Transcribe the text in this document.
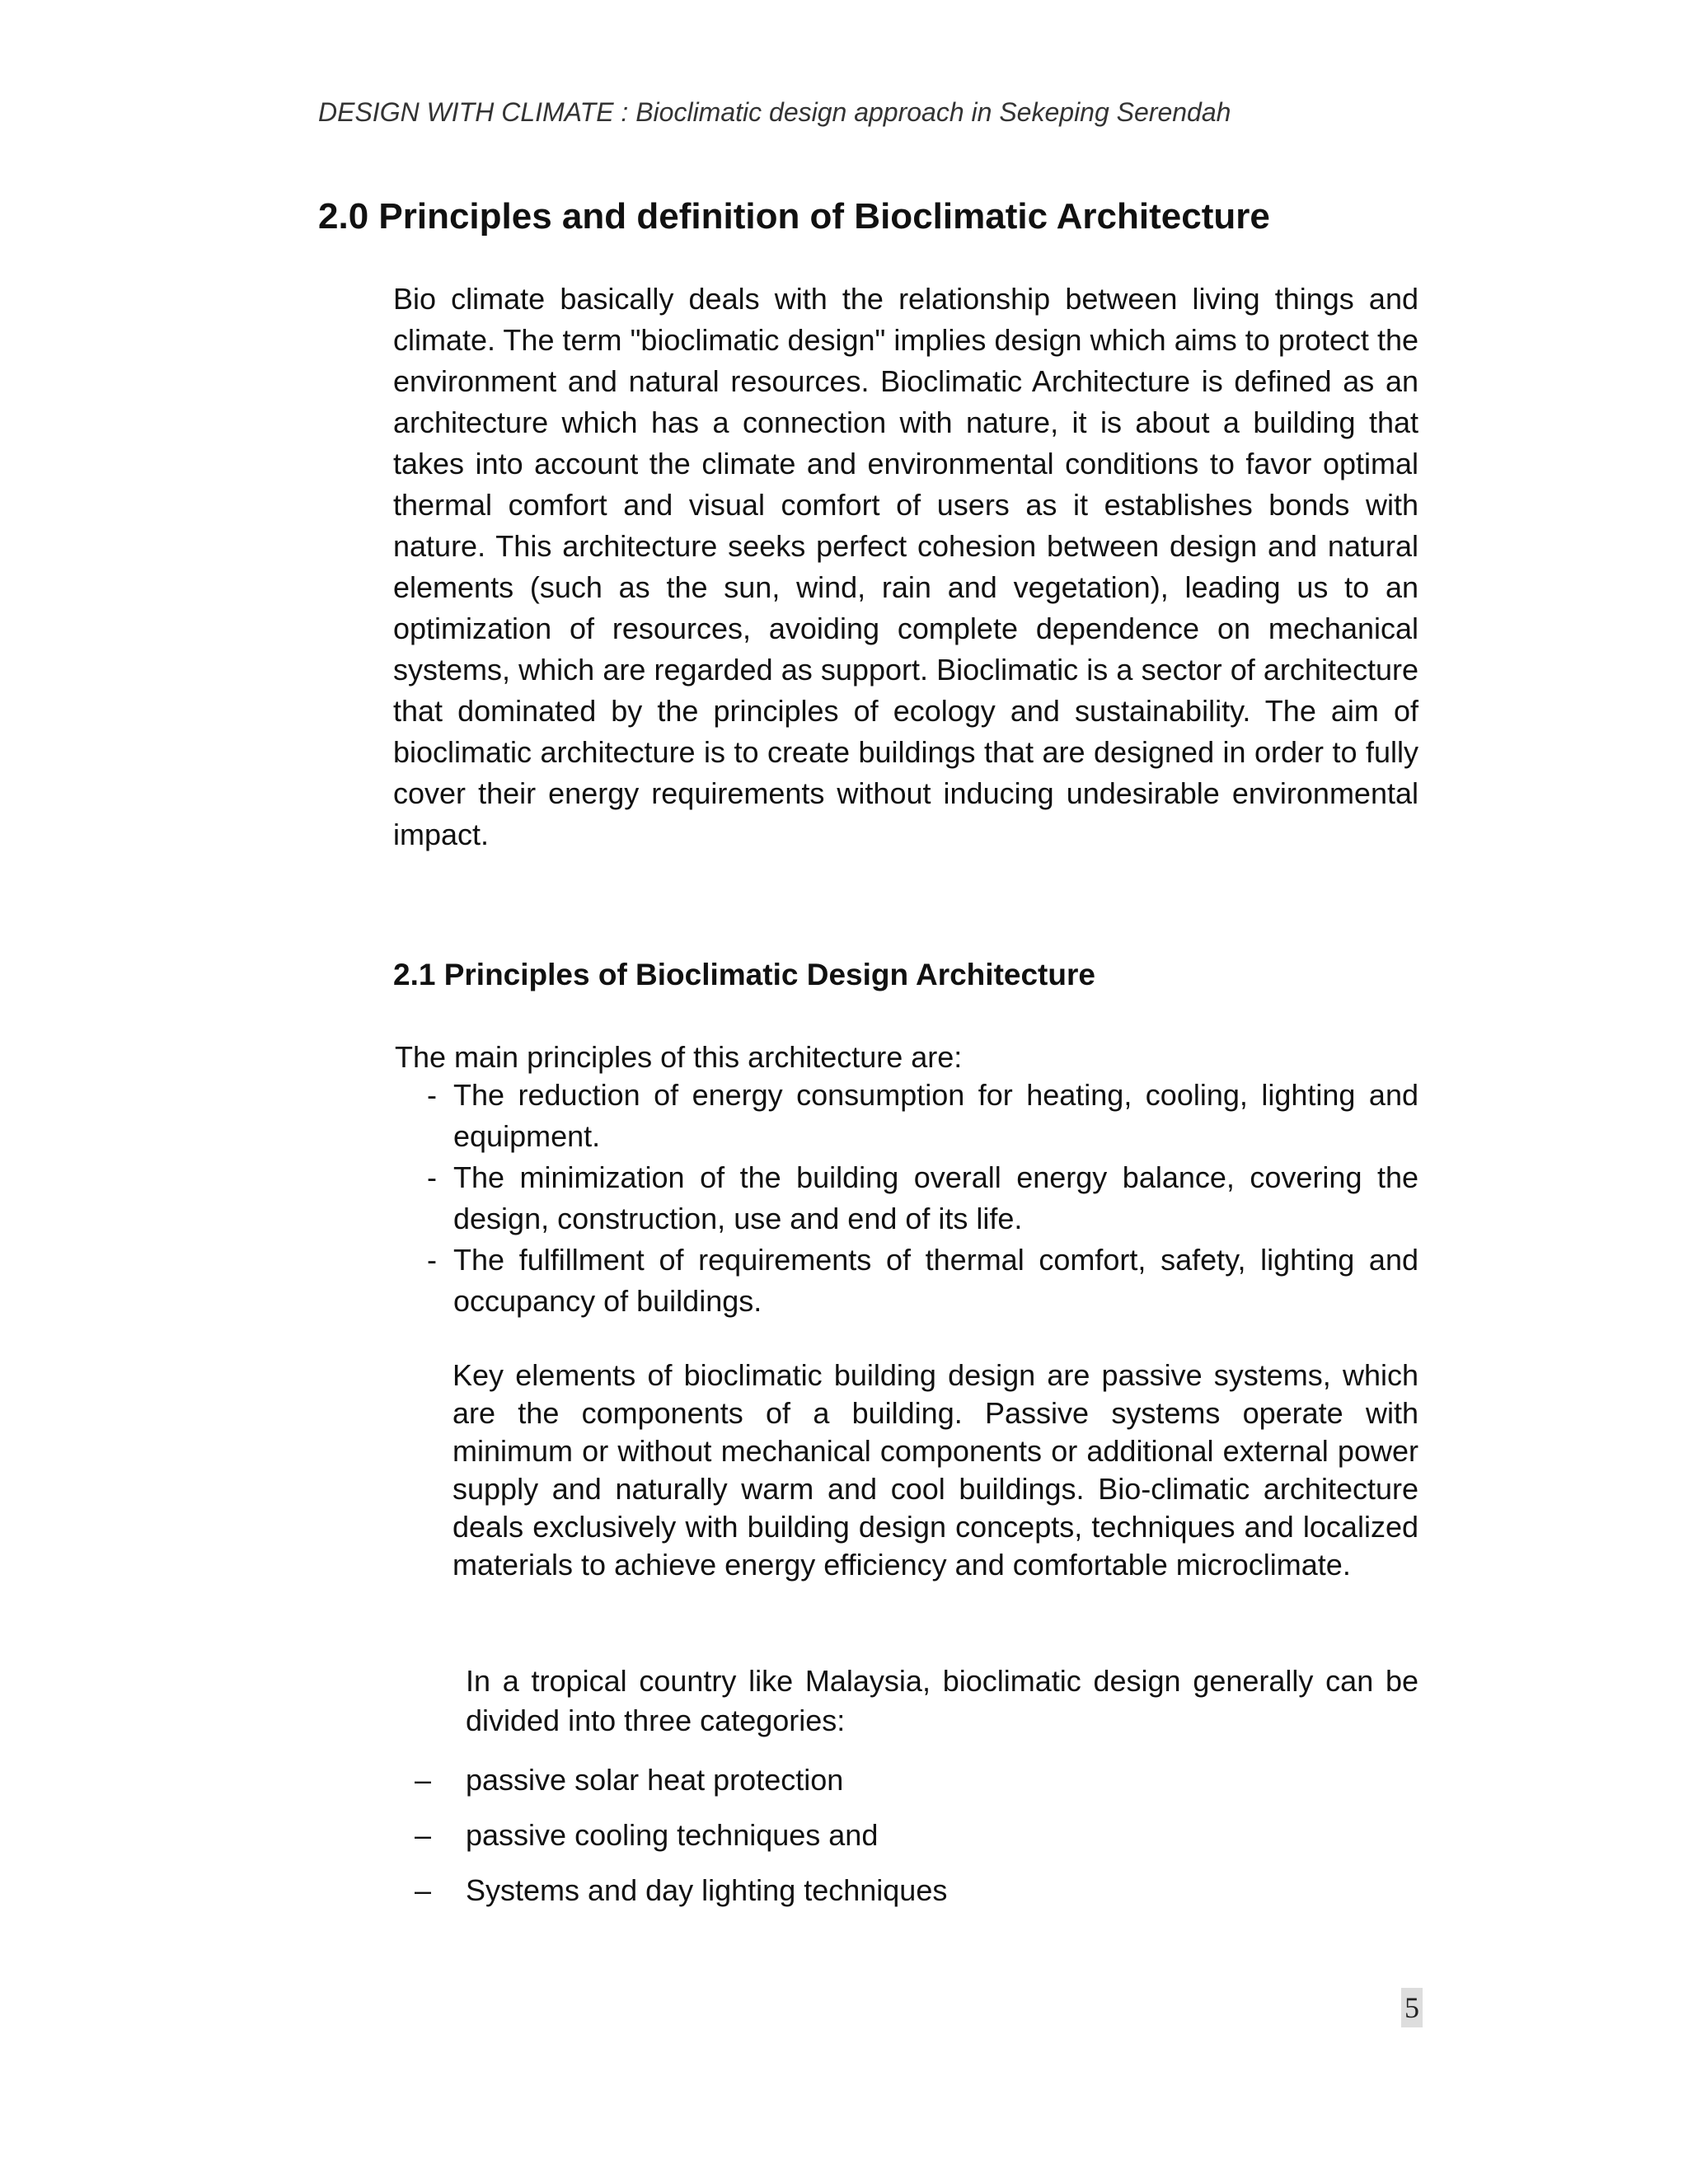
DESIGN WITH CLIMATE : Bioclimatic design approach in Sekeping Serendah
2.0 Principles and definition of Bioclimatic Architecture

Bio climate basically deals with the relationship between living things and climate. The term "bioclimatic design" implies design which aims to protect the environment and natural resources. Bioclimatic Architecture is defined as an architecture which has a connection with nature, it is about a building that takes into account the climate and environmental conditions to favor optimal thermal comfort and visual comfort of users as it establishes bonds with nature. This architecture seeks perfect cohesion between design and natural elements (such as the sun, wind, rain and vegetation), leading us to an optimization of resources, avoiding complete dependence on mechanical systems, which are regarded as support. Bioclimatic is a sector of architecture that dominated by the principles of ecology and sustainability. The aim of bioclimatic architecture is to create buildings that are designed in order to fully cover their energy requirements without inducing undesirable environmental impact.

2.1 Principles of Bioclimatic Design Architecture

The main principles of this architecture are:

- The reduction of energy consumption for heating, cooling, lighting and equipment.
- The minimization of the building overall energy balance, covering the design, construction, use and end of its life.
- The fulfillment of requirements of thermal comfort, safety, lighting and occupancy of buildings.

Key elements of bioclimatic building design are passive systems, which are the components of a building. Passive systems operate with minimum or without mechanical components or additional external power supply and naturally warm and cool buildings. Bio-climatic architecture deals exclusively with building design concepts, techniques and localized materials to achieve energy efficiency and comfortable microclimate.

In a tropical country like Malaysia, bioclimatic design generally can be divided into three categories:

– passive solar heat protection
– passive cooling techniques and
– Systems and day lighting techniques
5
